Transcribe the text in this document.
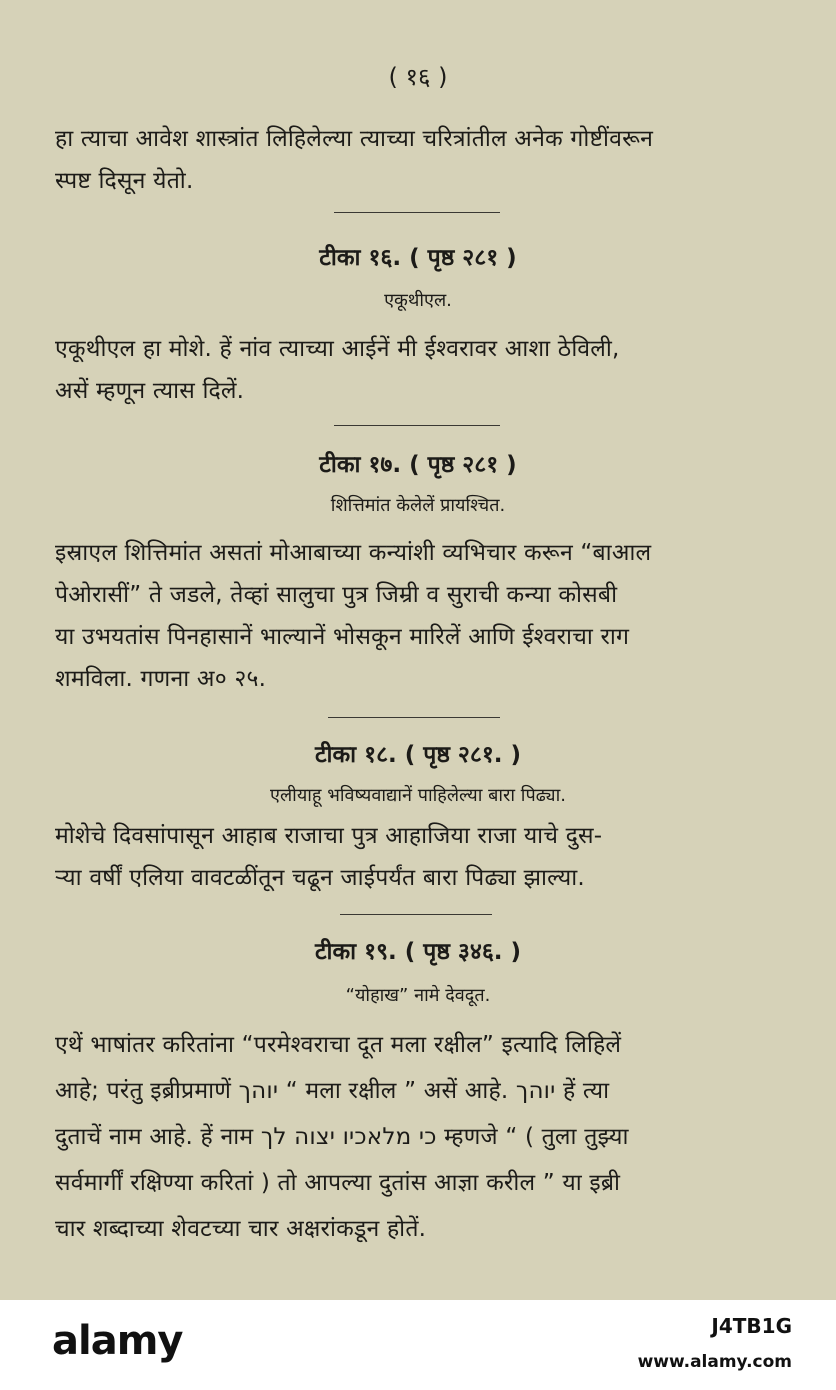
( १६ )
हा त्याचा आवेश शास्त्रांत लिहिलेल्या त्याच्या चरित्रांतील अनेक गोष्टींवरून
स्पष्ट दिसून येतो.
टीका १६. ( पृष्ठ २८१ )
एकूथीएल.
एकूथीएल हा मोशे. हें नांव त्याच्या आईनें मी ईश्वरावर आशा ठेविली,
असें म्हणून त्यास दिलें.
टीका १७. ( पृष्ठ २८१ )
शित्तिमांत केलेलें प्रायश्चित.
इस्राएल शित्तिमांत असतां मोआबाच्या कन्यांशी व्यभिचार करून “बाआल
पेओरासीं” ते जडले, तेव्हां सालुचा पुत्र जिम्री व सुराची कन्या कोसबी
या उभयतांस पिनहासानें भाल्यानें भोसकून मारिलें आणि ईश्वराचा राग
शमविला. गणना अ० २५.
टीका १८. ( पृष्ठ २८१. )
एलीयाहू भविष्यवाद्यानें पाहिलेल्या बारा पिढ्या.
मोशेचे दिवसांपासून आहाब राजाचा पुत्र आहाजिया राजा याचे दुस-
ऱ्या वर्षीं एलिया वावटळींतून चढून जाईपर्यंत बारा पिढ्या झाल्या.
टीका १९. ( पृष्ठ ३४६. )
“योहाख” नामे देवदूत.
एथें भाषांतर करितांना “परमेश्वराचा दूत मला रक्षील” इत्यादि लिहिलें
आहे; परंतु इब्रीप्रमाणें יוהך “ मला रक्षील ” असें आहे. יוהך हें त्या
दुताचें नाम आहे. हें नाम כי מלאכיו יצוה לך म्हणजे “ ( तुला तुझ्या
सर्वमार्गीं रक्षिण्या करितां ) तो आपल्या दुतांस आज्ञा करील ” या इब्री
चार शब्दाच्या शेवटच्या चार अक्षरांकडून होतें.
alamy	J4TB1G
www.alamy.com
